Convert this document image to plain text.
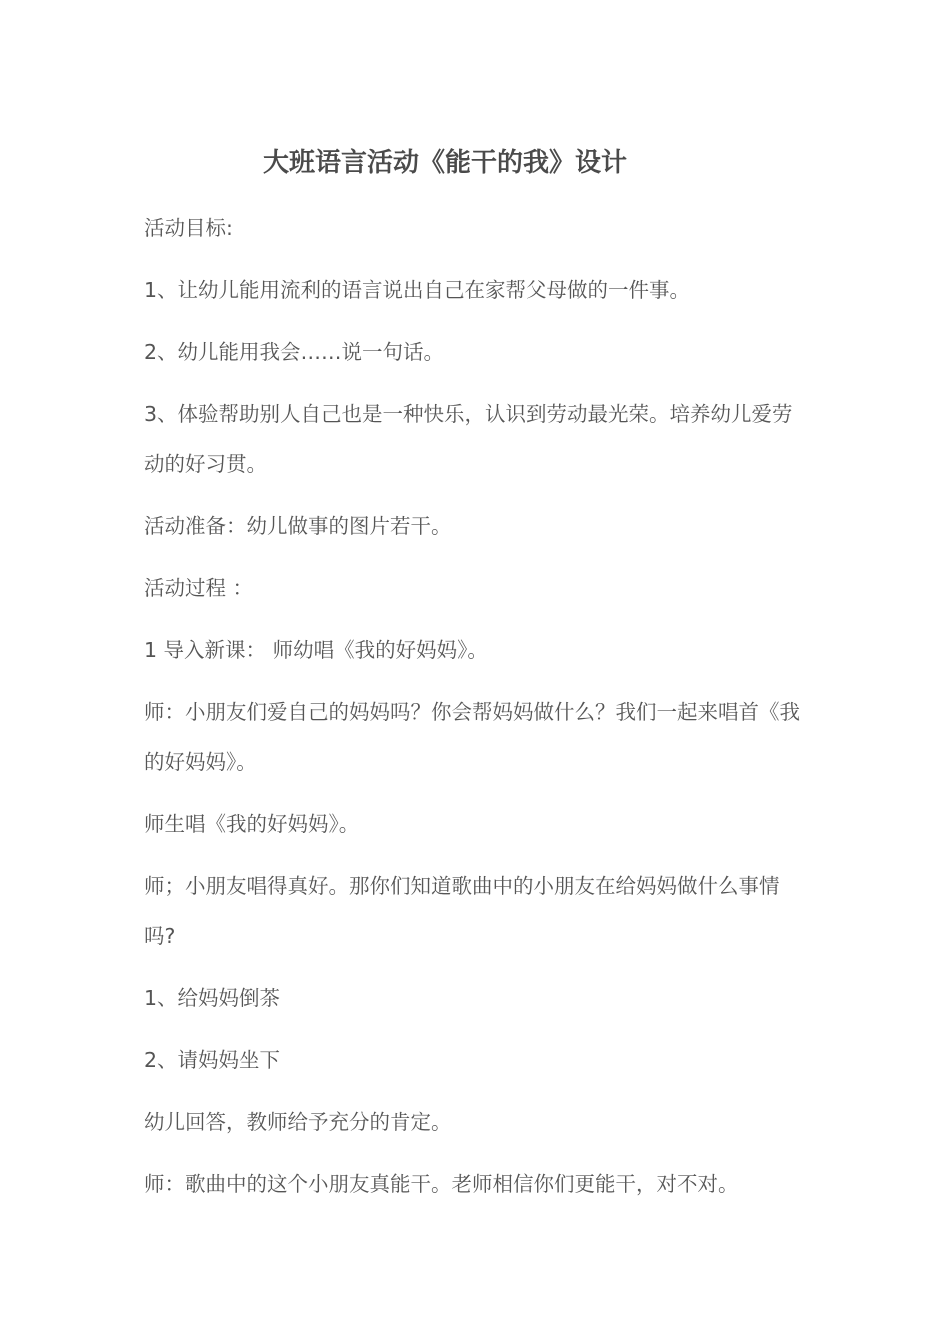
大班语言活动《能干的我》设计

活动目标:

1、让幼儿能用流利的语言说出自己在家帮父母做的一件事。

2、幼儿能用我会……说一句话。

3、体验帮助别人自己也是一种快乐，认识到劳动最光荣。培养幼儿爱劳动的好习贯。

活动准备：幼儿做事的图片若干。

活动过程 ：

1 导入新课： 师幼唱《我的好妈妈》。

师：小朋友们爱自己的妈妈吗？你会帮妈妈做什么？我们一起来唱首《我的好妈妈》。

师生唱《我的好妈妈》。

师；小朋友唱得真好。那你们知道歌曲中的小朋友在给妈妈做什么事情吗?

1、给妈妈倒茶

2、请妈妈坐下

幼儿回答，教师给予充分的肯定。

师：歌曲中的这个小朋友真能干。老师相信你们更能干，对不对。
